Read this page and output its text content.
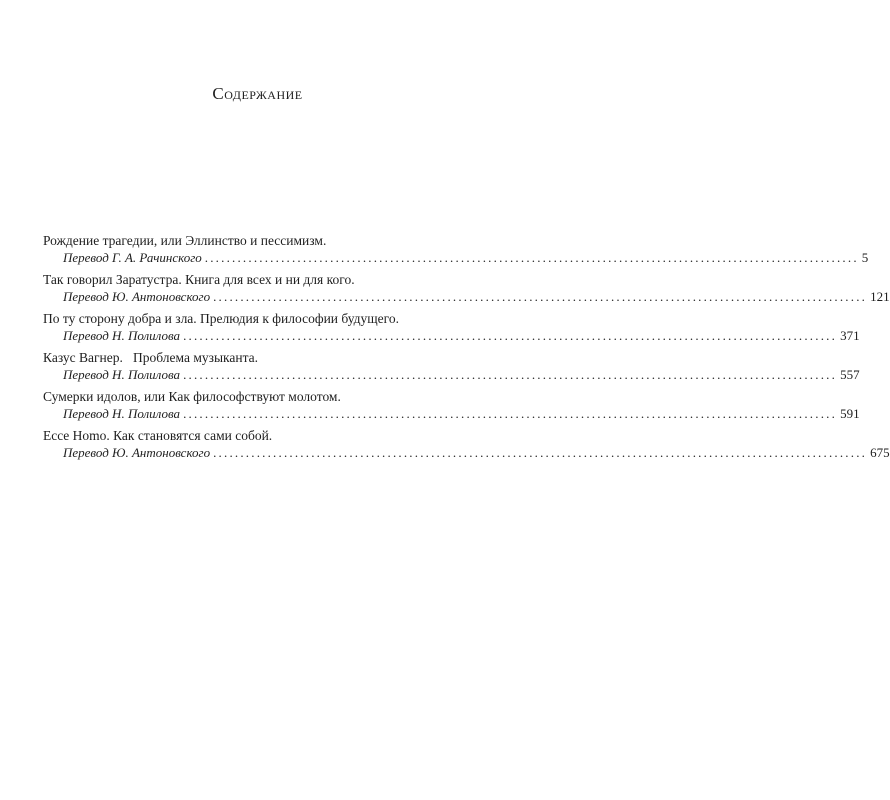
Содержание
Рождение трагедии, или Эллинство и пессимизм.
Перевод Г. А. Рачинского ........................................................................................................................ 5
Так говорил Заратустра. Книга для всех и ни для кого.
Перевод Ю. Антоновского ........................................................................................................................ 121
По ту сторону добра и зла. Прелюдия к философии будущего.
Перевод Н. Полилова ........................................................................................................................ 371
Казус Вагнер.   Проблема музыканта.
Перевод Н. Полилова ........................................................................................................................ 557
Сумерки идолов, или Как философствуют молотом.
Перевод Н. Полилова ........................................................................................................................ 591
Ecce Homo. Как становятся сами собой.
Перевод Ю. Антоновского ........................................................................................................................ 675
